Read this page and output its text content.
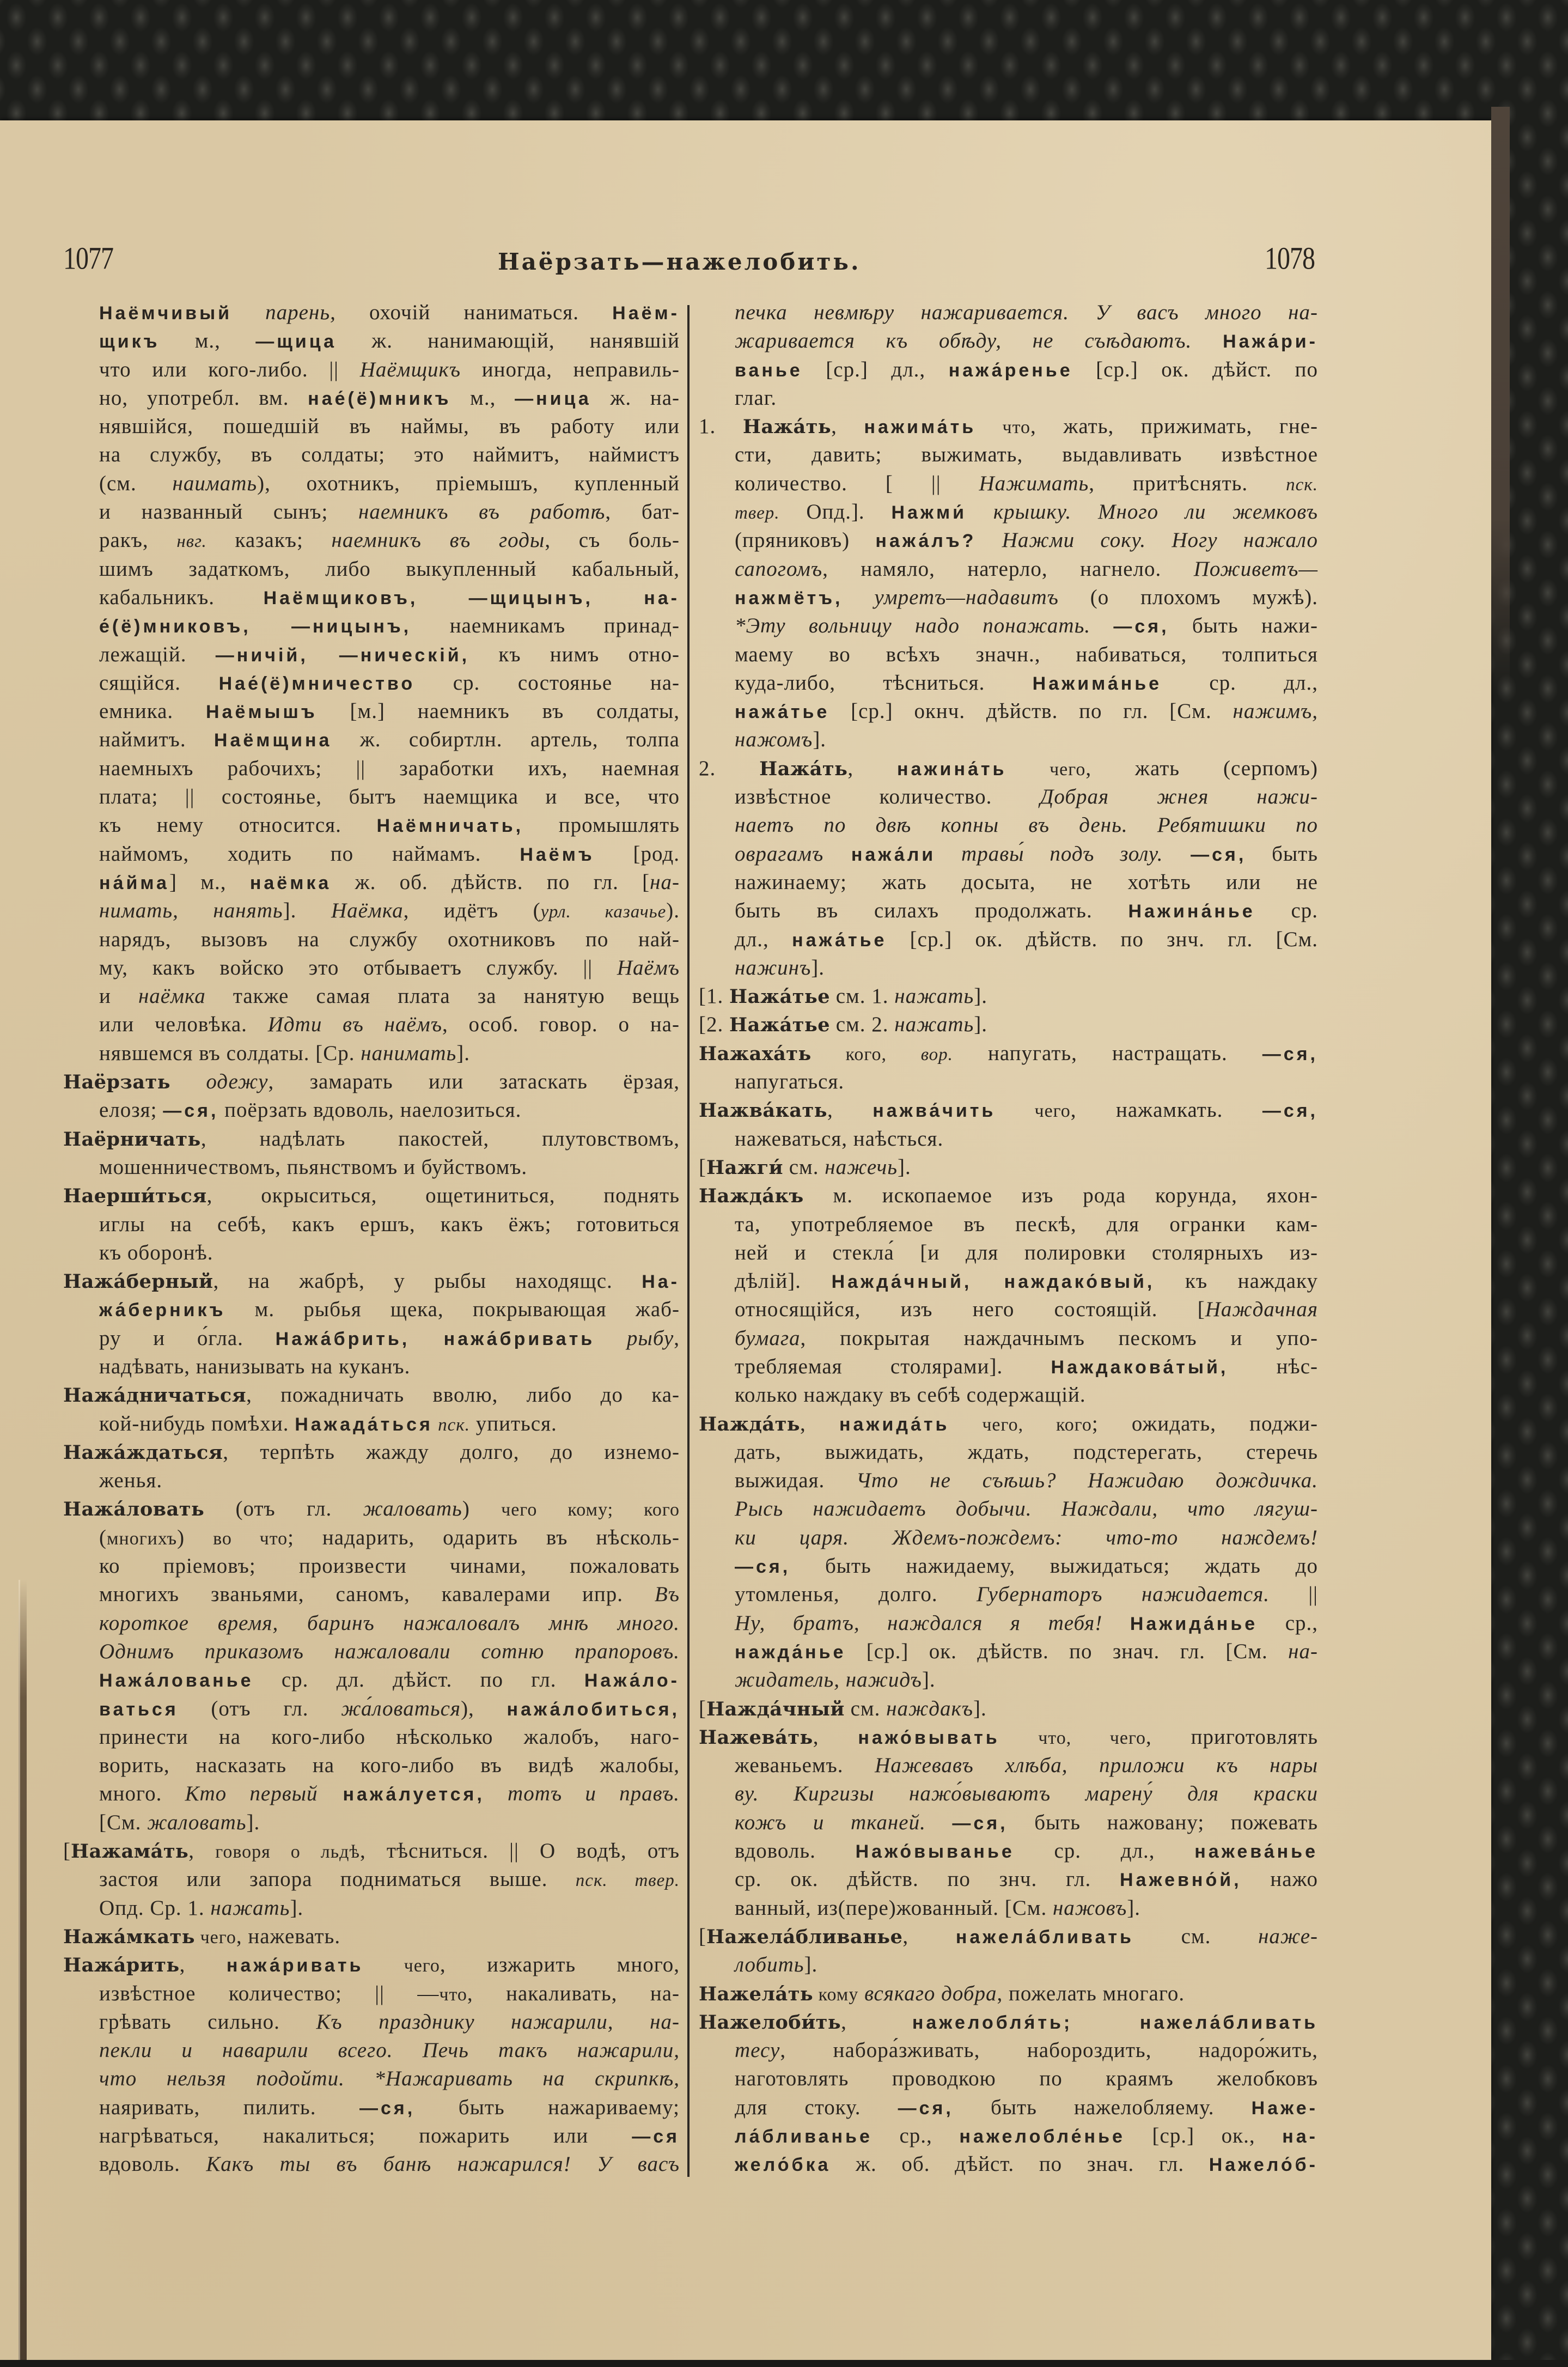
1077	Наёрзать—нажелобить.	1078
Наёмчивый парень, охочій наниматься. Наём-
щикъ м., —щица ж. нанимающій, нанявшій
что или кого-либо. || Наёмщикъ иногда, неправиль-
но, употребл. вм. нае́(ё)мникъ м., —ница ж. на-
нявшійся, пошедшій въ наймы, въ работу или
на службу, въ солдаты; это наймитъ, наймистъ
(см. наимать), охотникъ, пріемышъ, купленный
и названный сынъ; наемникъ въ работѣ, бат-
ракъ, нвг. казакъ; наемникъ въ годы, съ боль-
шимъ задаткомъ, либо выкупленный кабальный,
кабальникъ. Наёмщиковъ, —щицынъ, на-
е́(ё)мниковъ, —ницынъ, наемникамъ принад-
лежащій. —ничій, —ническій, къ нимъ отно-
сящійся. Нае́(ё)мничество ср. состоянье на-
емника. Наёмышъ [м.] наемникъ въ солдаты,
наймитъ. Наёмщина ж. собиртлн. артель, толпа
наемныхъ рабочихъ; || заработки ихъ, наемная
плата; || состоянье, бытъ наемщика и все, что
къ нему относится. Наёмничать, промышлять
наймомъ, ходить по наймамъ. Наёмъ [род.
на́йма] м., наёмка ж. об. дѣйств. по гл. [на-
нимать, нанять]. Наёмка, идётъ (урл. казачье).
нарядъ, вызовъ на службу охотниковъ по най-
му, какъ войско это отбываетъ службу. || Наёмъ
и наёмка также самая плата за нанятую вещь
или человѣка. Идти въ наёмъ, особ. говор. о на-
нявшемся въ солдаты. [Ср. нанимать].
Наёрзать одежу, замарать или затаскать ёрзая,
елозя; —ся, поёрзать вдоволь, наелозиться.
Наёрничать, надѣлать пакостей, плутовствомъ,
мошенничествомъ, пьянствомъ и буйствомъ.
Наерши́ться, окрыситься, ощетиниться, поднять
иглы на себѣ, какъ ершъ, какъ ёжъ; готовиться
къ оборонѣ.
Нажа́берный, на жабрѣ, у рыбы находящс. На-
жа́берникъ м. рыбья щека, покрывающая жаб-
ру и о́гла. Нажа́брить, нажа́бривать рыбу,
надѣвать, нанизывать на куканъ.
Нажа́дничаться, пожадничать вволю, либо до ка-
кой-нибудь помѣхи. Нажада́ться пск. упиться.
Нажа́ждаться, терпѣть жажду долго, до изнемо-
женья.
Нажа́ловать (отъ гл. жаловать) чего кому; кого
(многихъ) во что; надарить, одарить въ нѣсколь-
ко пріемовъ; произвести чинами, пожаловать
многихъ званьями, саномъ, кавалерами ипр. Въ
короткое время, баринъ нажаловалъ мнѣ много.
Однимъ приказомъ нажаловали сотню прапоровъ.
Нажа́лованье ср. дл. дѣйст. по гл. Нажа́ло-
ваться (отъ гл. жа́ловаться), нажа́лобиться,
принести на кого-либо нѣсколько жалобъ, наго-
ворить, насказать на кого-либо въ видѣ жалобы,
много. Кто первый нажа́луется, тотъ и правъ.
[См. жаловать].
[Нажама́ть, говоря о льдѣ, тѣсниться. || О водѣ, отъ
застоя или запора подниматься выше. пск. твер.
Опд. Ср. 1. нажать].
Нажа́мкать чего, нажевать.
Нажа́рить, нажа́ривать чего, изжарить много,
извѣстное количество; || —что, накаливать, на-
грѣвать сильно. Къ празднику нажарили, на-
пекли и наварили всего. Печь такъ нажарили,
что нельзя подойти. *Нажаривать на скрипкѣ,
наяривать, пилить. —ся, быть нажариваему;
нагрѣваться, накалиться; пожарить или —ся
вдоволь. Какъ ты въ банѣ нажарился! У васъ
печка невмѣру нажаривается. У васъ много на-
жаривается къ обѣду, не съѣдаютъ. Нажа́ри-
ванье [ср.] дл., нажа́ренье [ср.] ок. дѣйст. по
глаг.
1. Нажа́ть, нажима́ть что, жать, прижимать, гне-
сти, давить; выжимать, выдавливать извѣстное
количество. [ || Нажимать, притѣснять. пск.
твер. Опд.]. Нажми́ крышку. Много ли жемковъ
(пряниковъ) нажа́лъ? Нажми соку. Ногу нажало
сапогомъ, намяло, натерло, нагнело. Поживетъ—
нажмётъ, умретъ—надавитъ (о плохомъ мужѣ).
*Эту вольницу надо понажать. —ся, быть нажи-
маему во всѣхъ значн., набиваться, толпиться
куда-либо, тѣсниться. Нажима́нье ср. дл.,
нажа́тье [ср.] окнч. дѣйств. по гл. [См. нажимъ,
нажомъ].
2. Нажа́ть, нажина́ть чего, жать (серпомъ)
извѣстное количество. Добрая жнея нажи-
наетъ по двѣ копны въ день. Ребятишки по
оврагамъ нажа́ли травы́ подъ золу. —ся, быть
нажинаему; жать досыта, не хотѣть или не
быть въ силахъ продолжать. Нажина́нье ср.
дл., нажа́тье [ср.] ок. дѣйств. по знч. гл. [См.
нажинъ].
[1. Нажа́тье см. 1. нажать].
[2. Нажа́тье см. 2. нажать].
Нажаха́ть кого, вор. напугать, настращать. —ся,
напугаться.
Нажва́кать, нажва́чить чего, нажамкать. —ся,
нажеваться, наѣсться.
[Нажги́ см. нажечь].
Нажда́къ м. ископаемое изъ рода корунда, яхон-
та, употребляемое въ пескѣ, для огранки кам-
ней и стекла́ [и для полировки столярныхъ из-
дѣлій]. Нажда́чный, наждако́вый, къ наждаку
относящійся, изъ него состоящій. [Наждачная
бумага, покрытая наждачнымъ пескомъ и упо-
требляемая столярами]. Наждакова́тый, нѣс-
колько наждаку въ себѣ содержащій.
Нажда́ть, нажида́ть чего, кого; ожидать, поджи-
дать, выжидать, ждать, подстерегать, стеречь
выжидая. Что не съѣшь? Нажидаю дождичка.
Рысь нажидаетъ добычи. Наждали, что лягуш-
ки царя. Ждемъ-пождемъ: что-то наждемъ!
—ся, быть нажидаему, выжидаться; ждать до
утомленья, долго. Губернаторъ нажидается. ||
Ну, братъ, наждался я тебя! Нажида́нье ср.,
нажда́нье [ср.] ок. дѣйств. по знач. гл. [См. на-
жидатель, нажидъ].
[Нажда́чный см. наждакъ].
Нажева́ть, нажо́вывать что, чего, приготовлять
жеваньемъ. Нажевавъ хлѣба, приложи къ нары
ву. Киргизы нажо́вываютъ марену́ для краски
кожъ и тканей. —ся, быть нажовану; пожевать
вдоволь. Нажо́выванье ср. дл., нажева́нье
ср. ок. дѣйств. по знч. гл. Нажевно́й, нажо
ванный, из(пере)жованный. [См. нажовъ].
[Нажела́бливанье, нажела́бливать см. наже-
лобить].
Нажела́ть кому всякаго добра, пожелать многаго.
Нажелоби́ть, нажелобля́ть; нажела́бливать
тесу, набора́зживать, набороздить, надоро́жить,
наготовлять проводкою по краямъ желобковъ
для стоку. —ся, быть нажелобляему. Наже-
ла́бливанье ср., нажелобле́нье [ср.] ок., на-
жело́бка ж. об. дѣйст. по знач. гл. Нажело́б-
